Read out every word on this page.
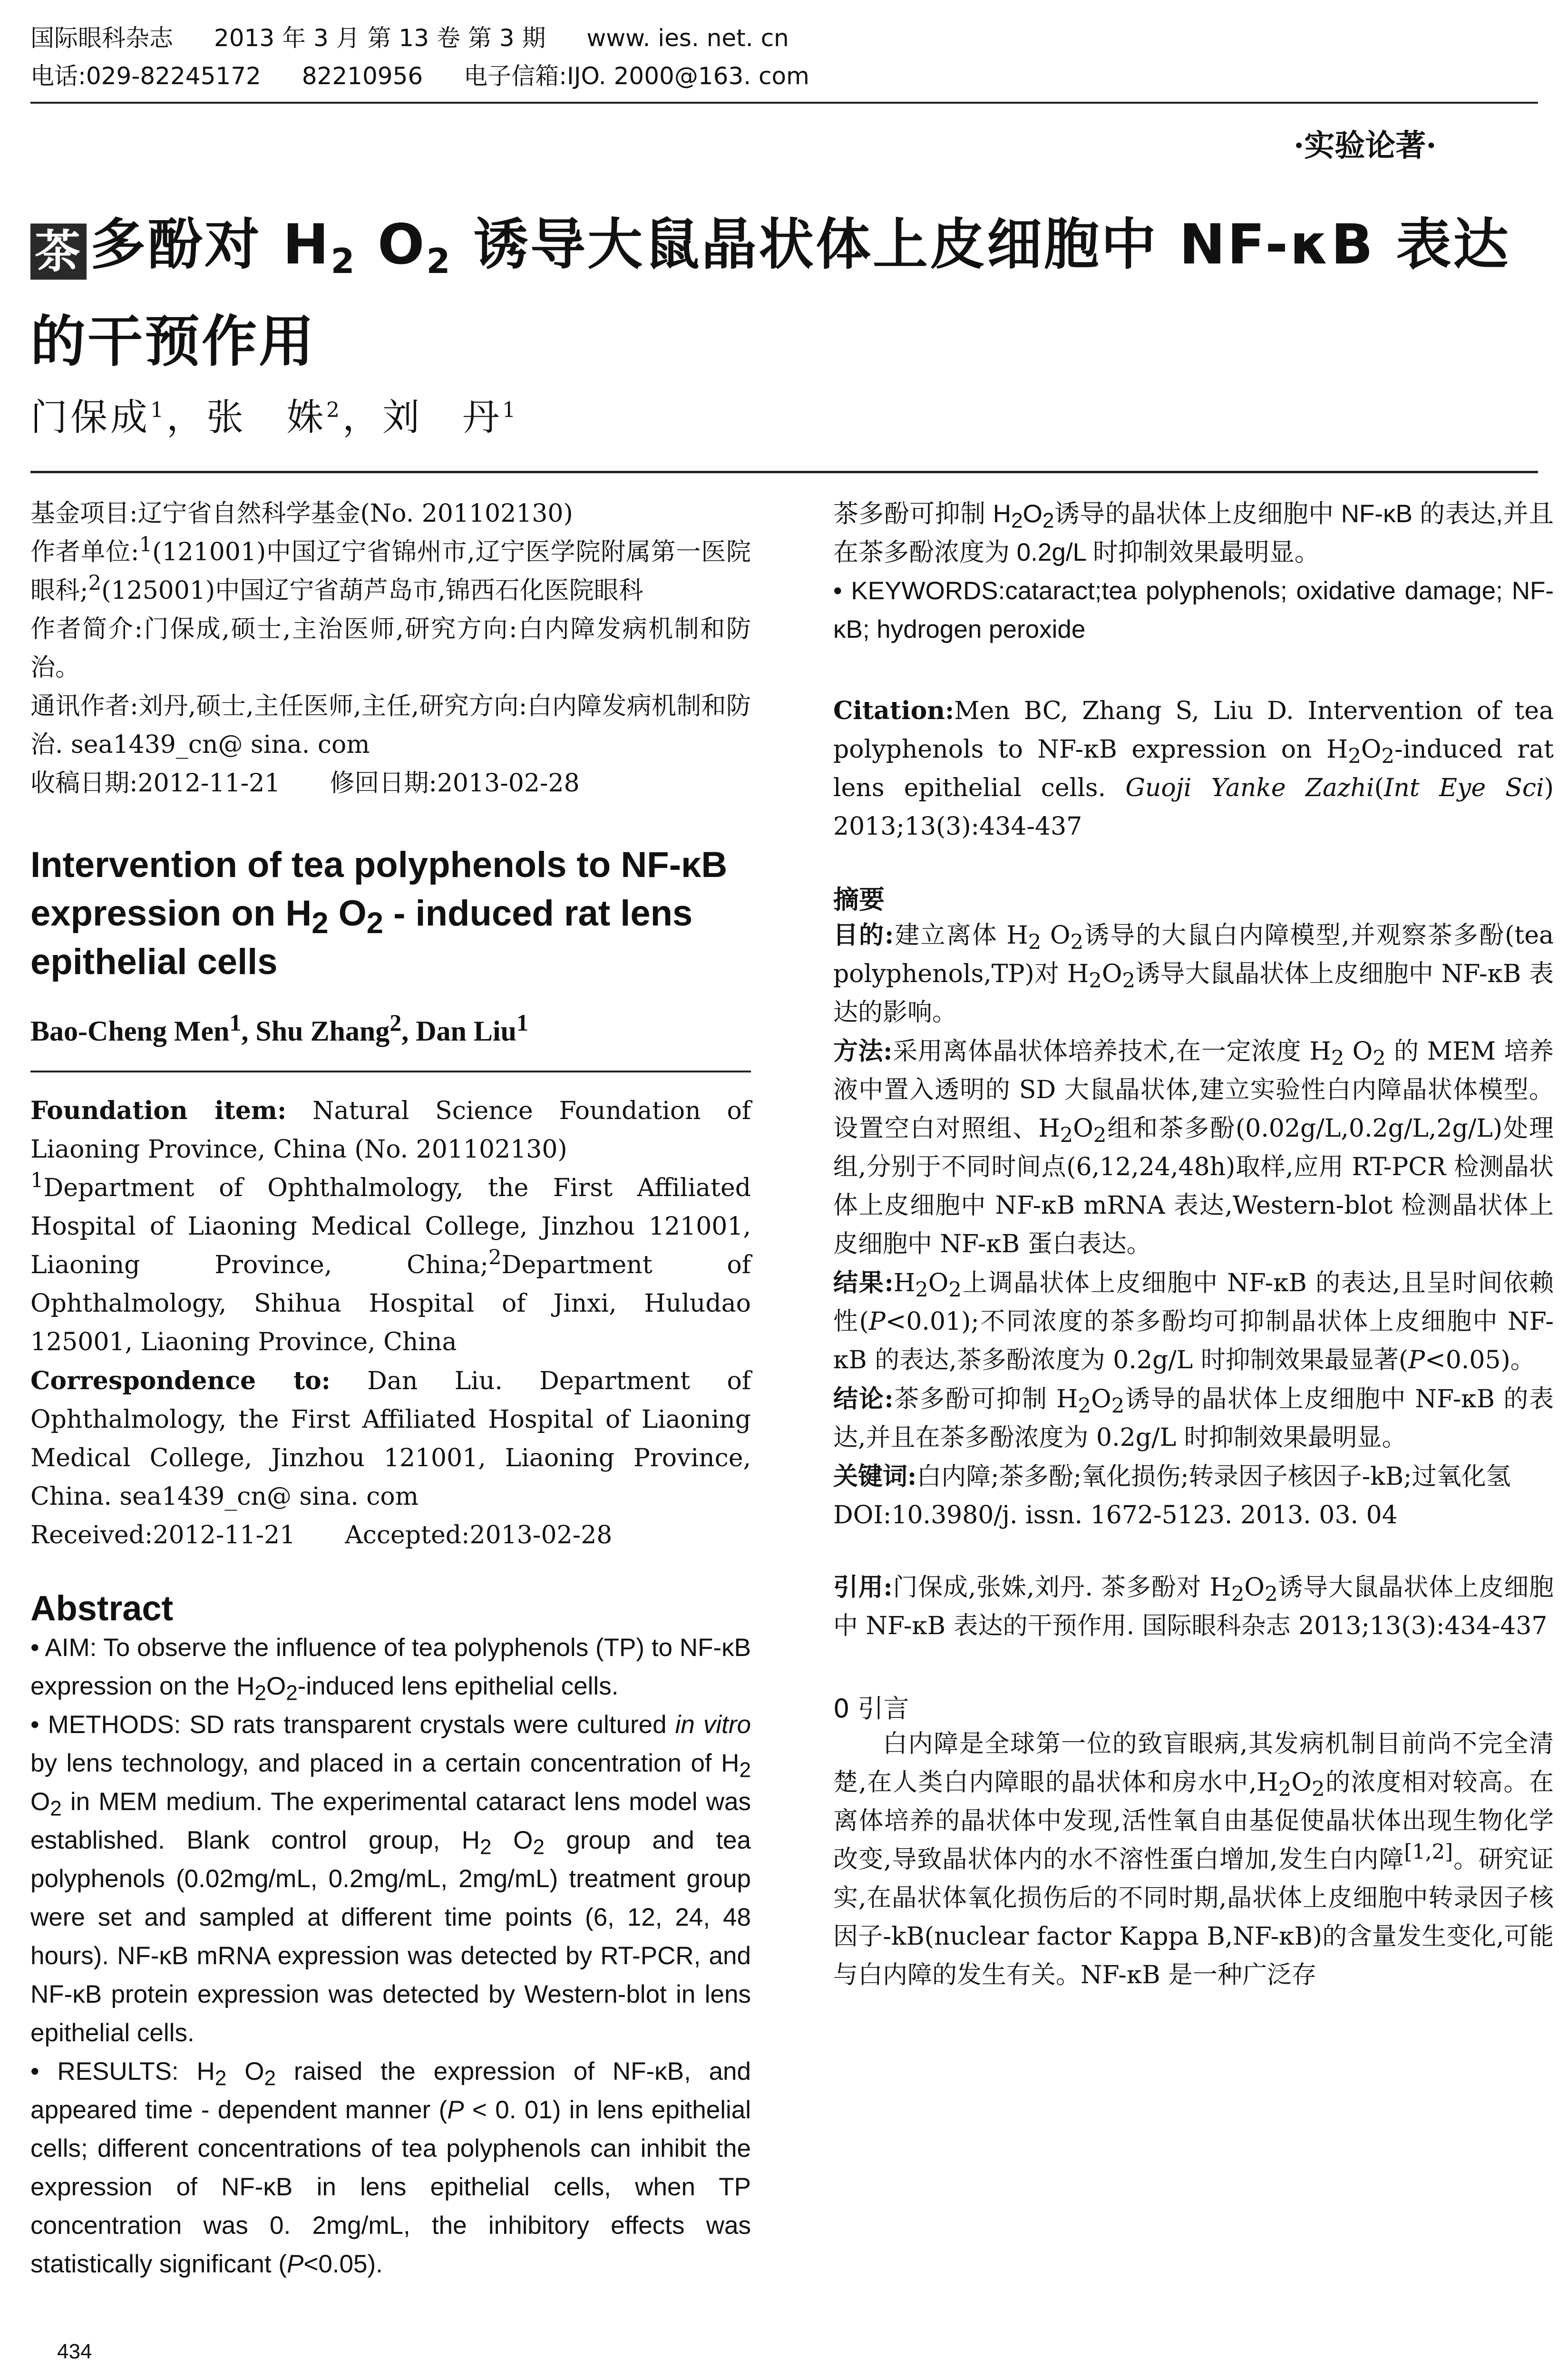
国际眼科杂志 2013 年 3 月 第 13 卷 第 3 期 www. ies. net. cn
电话:029-82245172 82210956 电子信箱:IJO. 2000@163. com
·实验论著·
茶 多酚对 $H_2$ $O_2$ 诱导大鼠晶状体上皮细胞中 NF-κB 表达的干预作用
门保成$^1$，张　姝$^2$，刘　丹$^1$

基金项目:辽宁省自然科学基金(No. 201102130)

作者单位:$^1$(121001)中国辽宁省锦州市,辽宁医学院附属第一医院眼科;$^2$(125001)中国辽宁省葫芦岛市,锦西石化医院眼科

作者简介:门保成,硕士,主治医师,研究方向:白内障发病机制和防治。

通讯作者:刘丹,硕士,主任医师,主任,研究方向:白内障发病机制和防治. sea1439_cn@ sina. com

收稿日期:2012-11-21　　修回日期:2013-02-28

Intervention of tea polyphenols to NF-κB expression on $H_2$ $O_2$ - induced rat lens epithelial cells

Bao-Cheng Men$^1$, Shu Zhang$^2$, Dan Liu$^1$

Foundation item: Natural Science Foundation of Liaoning Province, China (No. 201102130)

$^1$Department of Ophthalmology, the First Affiliated Hospital of Liaoning Medical College, Jinzhou 121001, Liaoning Province, China;$^2$Department of Ophthalmology, Shihua Hospital of Jinxi, Huludao 125001, Liaoning Province, China

Correspondence to: Dan Liu. Department of Ophthalmology, the First Affiliated Hospital of Liaoning Medical College, Jinzhou 121001, Liaoning Province, China. sea1439_cn@ sina. com

Received:2012-11-21　　Accepted:2013-02-28

Abstract

• AIM: To observe the influence of tea polyphenols (TP) to NF-κB expression on the $H_2O_2$-induced lens epithelial cells.

• METHODS: SD rats transparent crystals were cultured in vitro by lens technology, and placed in a certain concentration of $H_2$ $O_2$ in MEM medium. The experimental cataract lens model was established. Blank control group, $H_2$ $O_2$ group and tea polyphenols (0.02mg/mL, 0.2mg/mL, 2mg/mL) treatment group were set and sampled at different time points (6, 12, 24, 48 hours). NF-κB mRNA expression was detected by RT-PCR, and NF-κB protein expression was detected by Western-blot in lens epithelial cells.

• RESULTS: $H_2$ $O_2$ raised the expression of NF-κB, and appeared time - dependent manner (P < 0. 01) in lens epithelial cells; different concentrations of tea polyphenols can inhibit the expression of NF-κB in lens epithelial cells, when TP concentration was 0. 2mg/mL, the inhibitory effects was statistically significant (P<0.05).

茶多酚可抑制 $H_2O_2$诱导的晶状体上皮细胞中 NF-κB 的表达,并且在茶多酚浓度为 0.2g/L 时抑制效果最明显。

• KEYWORDS:cataract;tea polyphenols; oxidative damage; NF-κB; hydrogen peroxide

Citation:Men BC, Zhang S, Liu D. Intervention of tea polyphenols to NF-κB expression on $H_2O_2$-induced rat lens epithelial cells. Guoji Yanke Zazhi(Int Eye Sci) 2013;13(3):434-437

摘要

目的:建立离体 $H_2$ $O_2$诱导的大鼠白内障模型,并观察茶多酚(tea polyphenols,TP)对 $H_2O_2$诱导大鼠晶状体上皮细胞中 NF-κB 表达的影响。

方法:采用离体晶状体培养技术,在一定浓度 $H_2$ $O_2$ 的 MEM 培养液中置入透明的 SD 大鼠晶状体,建立实验性白内障晶状体模型。设置空白对照组、$H_2O_2$组和茶多酚(0.02g/L,0.2g/L,2g/L)处理组,分别于不同时间点(6,12,24,48h)取样,应用 RT-PCR 检测晶状体上皮细胞中 NF-κB mRNA 表达,Western-blot 检测晶状体上皮细胞中 NF-κB 蛋白表达。

结果$:H_2O_2$上调晶状体上皮细胞中 NF-κB 的表达,且呈时间依赖性(P<0.01);不同浓度的茶多酚均可抑制晶状体上皮细胞中 NF-κB 的表达,茶多酚浓度为 0.2g/L 时抑制效果最显著(P<0.05)。

结论:茶多酚可抑制 $H_2O_2$诱导的晶状体上皮细胞中 NF-κB 的表达,并且在茶多酚浓度为 0.2g/L 时抑制效果最明显。

关键词:白内障;茶多酚;氧化损伤;转录因子核因子-kB;过氧化氢

DOI:10.3980/j. issn. 1672-5123. 2013. 03. 04

引用:门保成,张姝,刘丹. 茶多酚对 $H_2O_2$诱导大鼠晶状体上皮细胞中 NF-κB 表达的干预作用. 国际眼科杂志 2013;13(3):434-437

0 引言

白内障是全球第一位的致盲眼病,其发病机制目前尚不完全清楚,在人类白内障眼的晶状体和房水中$,H_2O_2$的浓度相对较高。在离体培养的晶状体中发现,活性氧自由基促使晶状体出现生物化学改变,导致晶状体内的水不溶性蛋白增加,发生白内障[1,2]。研究证实,在晶状体氧化损伤后的不同时期,晶状体上皮细胞中转录因子核因子-kB(nuclear factor Kappa B,NF-κB)的含量发生变化,可能与白内障的发生有关。NF-κB 是一种广泛存

434
